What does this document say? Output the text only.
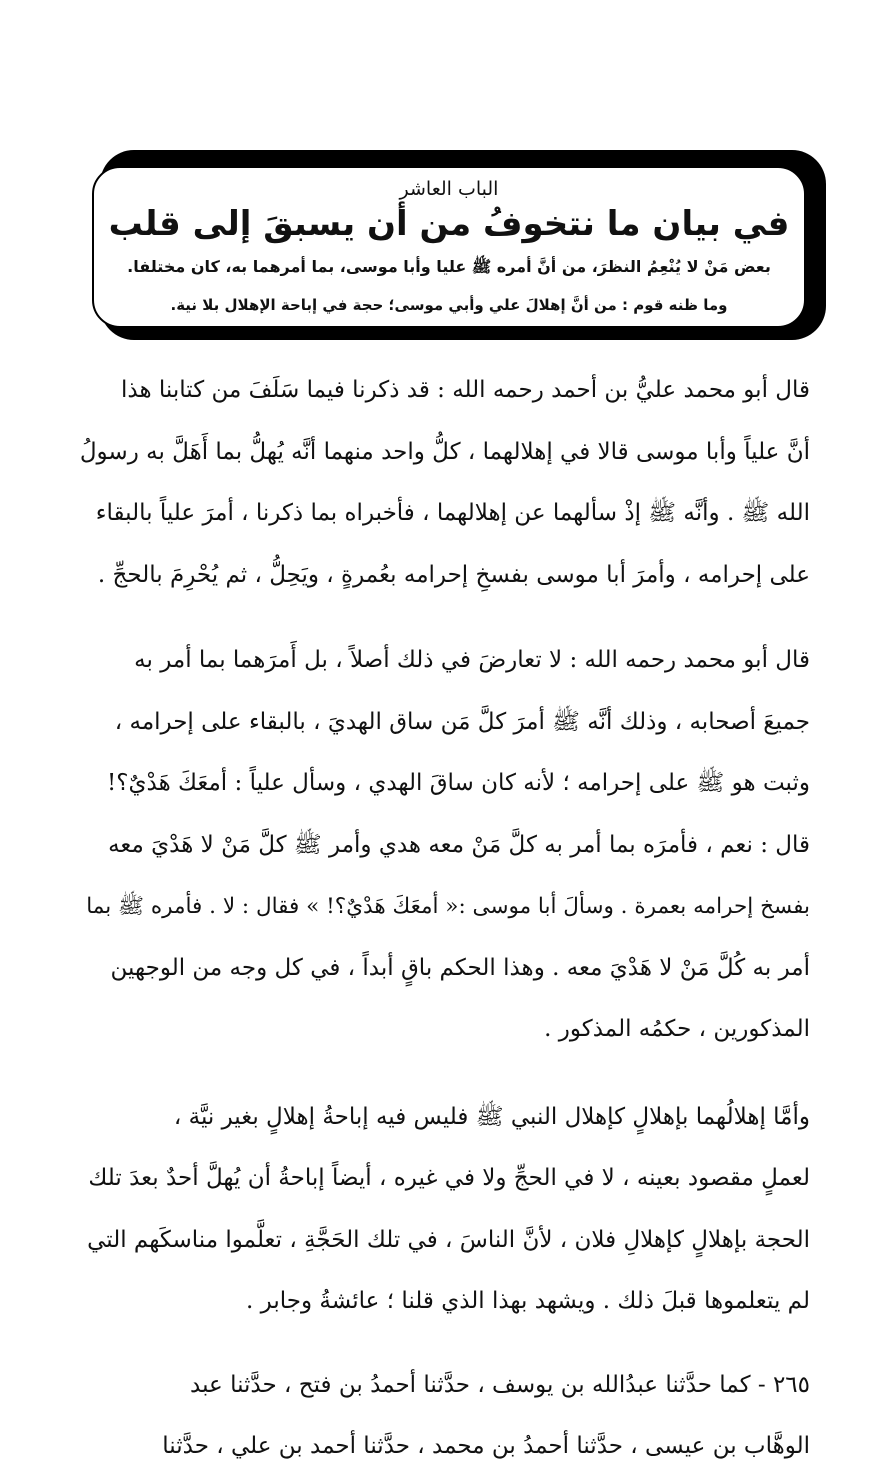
الباب العاشر
في بيان ما نتخوفُ من أن يسبقَ إلى قلب
بعض مَنْ لا يُنْعِمُ النظرَ، من أنَّ أمره ﷺ عليا وأبا موسى، بما أمرهما به، كان مختلفا.
وما ظنه قوم : من أنَّ إهلالَ علي وأبي موسى؛ حجة في إباحة الإهلال بلا نية.

قال أبو محمد عليُّ بن أحمد رحمه الله : قد ذكرنا فيما سَلَفَ من كتابنا هذا
أنَّ علياً وأبا موسى قالا في إهلالهما ، كلُّ واحد منهما أنَّه يُهلُّ بما أَهَلَّ به رسولُ
الله ﷺ . وأنَّه ﷺ إذْ سألهما عن إهلالهما ، فأخبراه بما ذكرنا ، أمرَ علياً بالبقاء
على إحرامه ، وأمرَ أبا موسى بفسخِ إحرامه بعُمرةٍ ، ويَحِلُّ ، ثم يُحْرِمَ بالحجِّ .

قال أبو محمد رحمه الله : لا تعارضَ في ذلك أصلاً ، بل أَمرَهما بما أمر به
جميعَ أصحابه ، وذلك أنَّه ﷺ أمرَ كلَّ مَن ساق الهديَ ، بالبقاء على إحرامه ،
وثبت هو ﷺ على إحرامه ؛ لأنه كان ساقَ الهدي ، وسأل علياً : أمعَكَ هَدْيٌ؟!
قال : نعم ، فأمرَه بما أمر به كلَّ مَنْ معه هدي وأمر ﷺ كلَّ مَنْ لا هَدْيَ معه
بفسخ إحرامه بعمرة . وسألَ أبا موسى :« أمعَكَ هَدْيٌ؟! » فقال : لا . فأمره ﷺ بما
أمر به كُلَّ مَنْ لا هَدْيَ معه . وهذا الحكم باقٍ أبداً ، في كل وجه من الوجهين
المذكورين ، حكمُه المذكور .

وأمَّا إهلالُهما بإهلالٍ كإهلال النبي ﷺ فليس فيه إباحةُ إهلالٍ بغير نيَّة ،
لعملٍ مقصود بعينه ، لا في الحجِّ ولا في غيره ، أيضاً إباحةُ أن يُهلَّ أحدٌ بعدَ تلك
الحجة بإهلالٍ كإهلالِ فلان ، لأنَّ الناسَ ، في تلك الحَجَّةِ ، تعلَّموا مناسكَهم التي
لم يتعلموها قبلَ ذلك . ويشهد بهذا الذي قلنا ؛ عائشةُ وجابر .

٢٦٥ - كما حدَّثنا عبدُالله بن يوسف ، حدَّثنا أحمدُ بن فتح ، حدَّثنا عبد
الوهَّاب بن عيسى ، حدَّثنا أحمدُ بن محمد ، حدَّثنا أحمد بن علي ، حدَّثنا
